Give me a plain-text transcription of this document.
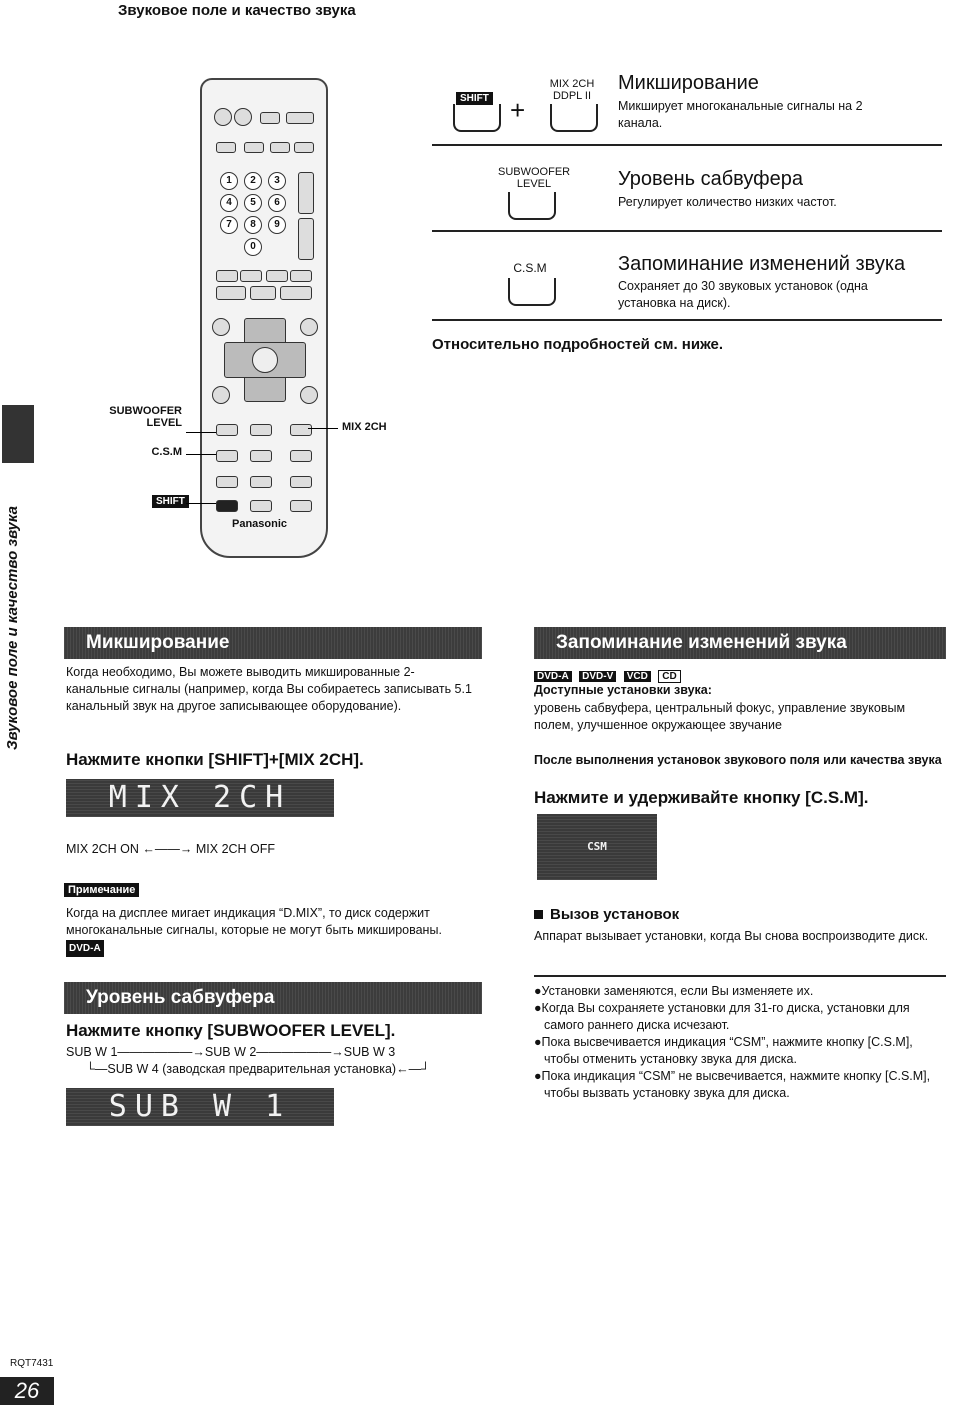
Звуковое поле и качество звука
Звуковое поле и качество звука
1	2	3
4	5	6
7	8	9
0
Panasonic
SUBWOOFER
LEVEL
C.S.M
SHIFT
MIX 2CH
SHIFT +
MIX 2CH
DDPL II
Микширование
Микширует многоканальные сигналы на 2 канала.
SUBWOOFER
LEVEL	Уровень сабвуфера
Регулирует количество низких частот.
C.S.M	Запоминание изменений звука
Сохраняет до 30 звуковых установок (одна установка на диск).
Относительно подробностей см. ниже.
Микширование
Когда необходимо, Вы можете выводить микшированные 2-канальные сигналы (например, когда Вы собираетесь записывать 5.1 канальный звук на другое записывающее оборудование).
Нажмите кнопки [SHIFT]+[MIX 2CH].
MIX 2CH
MIX 2CH ON ←——→ MIX 2CH OFF
Примечание
Когда на дисплее мигает индикация “D.MIX”, то диск содержит многоканальные сигналы, которые не могут быть микшированы. DVD-A
Уровень сабвуфера
Нажмите кнопку [SUBWOOFER LEVEL].
SUB W 1——————→SUB W 2——————→SUB W 3
└—SUB W 4 (заводская предварительная установка)←—┘
SUB W 1
Запоминание изменений звука
DVD-A DVD-V VCD CD
Доступные установки звука:
уровень сабвуфера, центральный фокус, управление звуковым полем, улучшенное окружающее звучание
После выполнения установок звукового поля или качества звука
Нажмите и удерживайте кнопку [C.S.M].
CSM
Вызов установок
Аппарат вызывает установки, когда Вы снова воспроизводите диск.
●Установки заменяются, если Вы изменяете их.
●Когда Вы сохраняете установки для 31-го диска, установки для самого раннего диска исчезают.
●Пока высвечивается индикация “CSM”, нажмите кнопку [C.S.M], чтобы отменить установку звука для диска.
●Пока индикация “CSM” не высвечивается, нажмите кнопку [C.S.M], чтобы вызвать установку звука для диска.
RQT7431
26
